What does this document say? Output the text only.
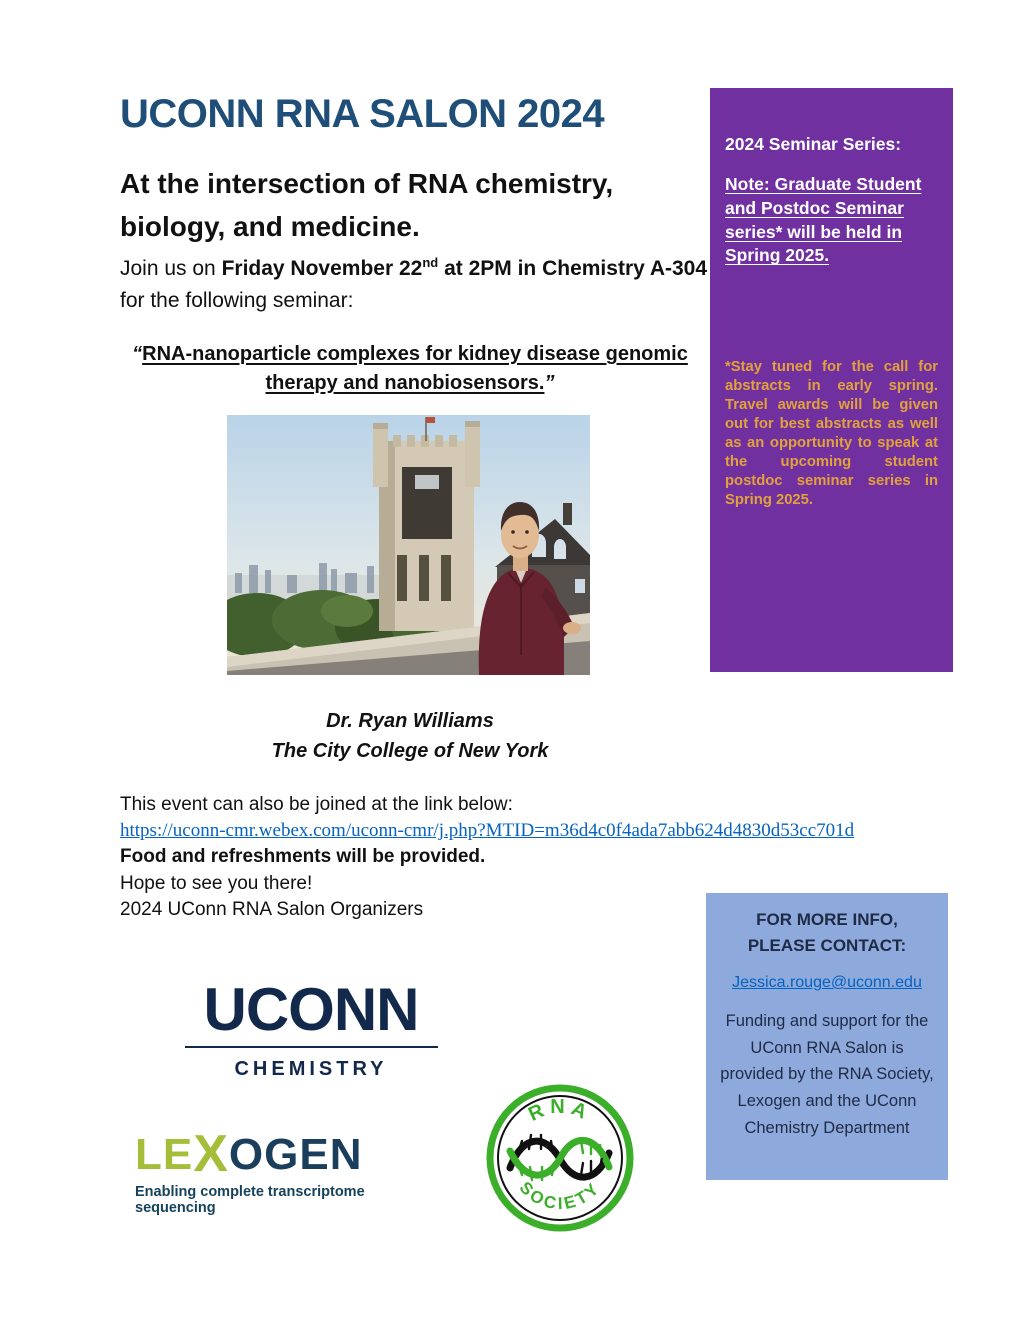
UCONN RNA SALON 2024
At the intersection of RNA chemistry, biology, and medicine.

Join us on Friday November 22nd at 2PM in Chemistry A-304
for the following seminar:

“RNA-nanoparticle complexes for kidney disease genomic therapy and nanobiosensors.”

Dr. Ryan Williams
The City College of New York
This event can also be joined at the link below:
https://uconn-cmr.webex.com/uconn-cmr/j.php?MTID=m36d4c0f4ada7abb624d4830d53cc701d
Food and refreshments will be provided.
Hope to see you there!
2024 UConn RNA Salon Organizers
2024 Seminar Series:
Note: Graduate Student and Postdoc Seminar series* will be held in Spring 2025.
*Stay tuned for the call for abstracts in early spring. Travel awards will be given out for best abstracts as well as an opportunity to speak at the upcoming student postdoc seminar series in Spring 2025.
FOR MORE INFO,
PLEASE CONTACT:
Jessica.rouge@uconn.edu
Funding and support for the UConn RNA Salon is provided by the RNA Society, Lexogen and the UConn Chemistry Department
UCONN
CHEMISTRY
LEXOGEN
Enabling complete transcriptome sequencing
RNA
SOCIETY
